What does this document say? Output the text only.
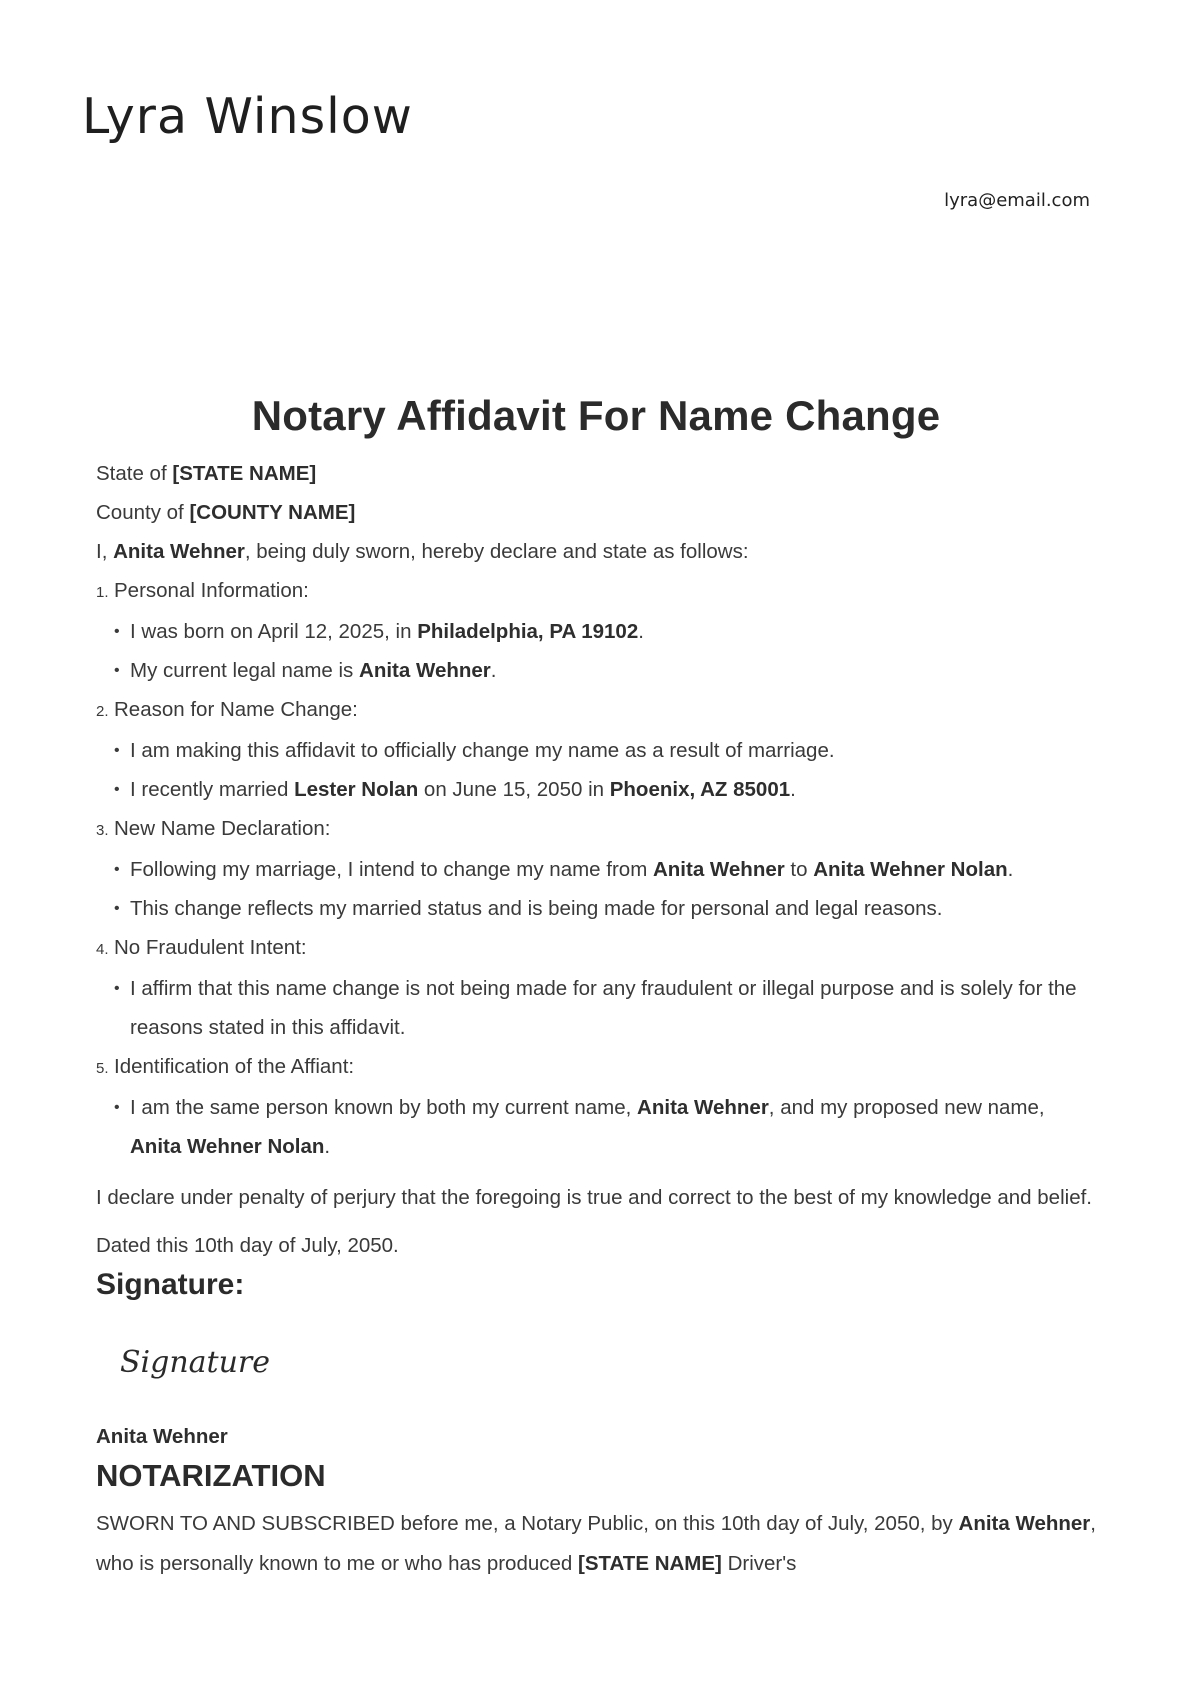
Lyra Winslow
lyra@email.com
Notary Affidavit For Name Change

State of [STATE NAME]

County of [COUNTY NAME]

I, Anita Wehner, being duly sworn, hereby declare and state as follows:

1. Personal Information:

• I was born on April 12, 2025, in Philadelphia, PA 19102.
• My current legal name is Anita Wehner.

2. Reason for Name Change:

• I am making this affidavit to officially change my name as a result of marriage.
• I recently married Lester Nolan on June 15, 2050 in Phoenix, AZ 85001.

3. New Name Declaration:

• Following my marriage, I intend to change my name from Anita Wehner to Anita Wehner Nolan.
• This change reflects my married status and is being made for personal and legal reasons.

4. No Fraudulent Intent:

• I affirm that this name change is not being made for any fraudulent or illegal purpose and is solely for the reasons stated in this affidavit.

5. Identification of the Affiant:

• I am the same person known by both my current name, Anita Wehner, and my proposed new name, Anita Wehner Nolan.

I declare under penalty of perjury that the foregoing is true and correct to the best of my knowledge and belief.

Dated this 10th day of July, 2050.

Signature:
Signature

Anita Wehner

NOTARIZATION

SWORN TO AND SUBSCRIBED before me, a Notary Public, on this 10th day of July, 2050, by Anita Wehner, who is personally known to me or who has produced [STATE NAME] Driver's
